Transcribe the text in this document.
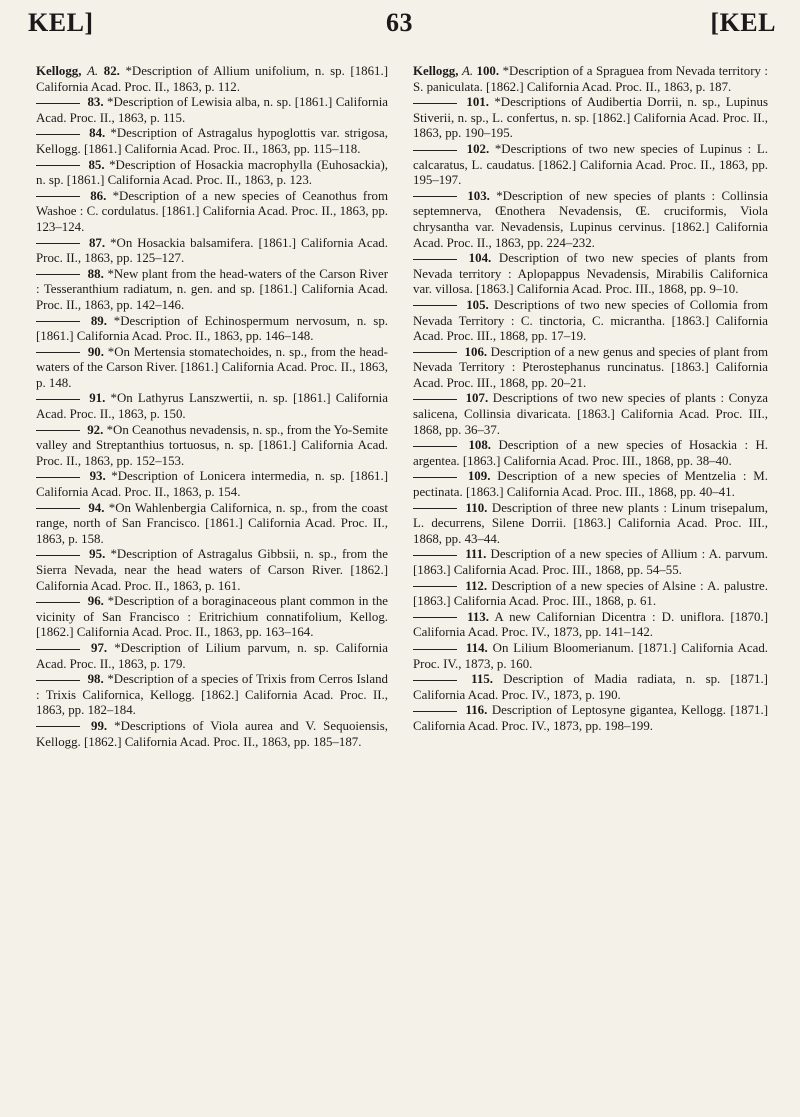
KEL]	63	[KEL

Kellogg, A. 82. *Description of Allium unifolium, n. sp. [1861.] California Acad. Proc. II., 1863, p. 112.

83. *Description of Lewisia alba, n. sp. [1861.] California Acad. Proc. II., 1863, p. 115.

84. *Description of Astragalus hypoglottis var. strigosa, Kellogg. [1861.] California Acad. Proc. II., 1863, pp. 115–118.

85. *Description of Hosackia macrophylla (Euhosackia), n. sp. [1861.] California Acad. Proc. II., 1863, p. 123.

86. *Description of a new species of Ceanothus from Washoe : C. cordulatus. [1861.] California Acad. Proc. II., 1863, pp. 123–124.

87. *On Hosackia balsamifera. [1861.] California Acad. Proc. II., 1863, pp. 125–127.

88. *New plant from the head-waters of the Carson River : Tesseranthium radiatum, n. gen. and sp. [1861.] California Acad. Proc. II., 1863, pp. 142–146.

89. *Description of Echinospermum nervosum, n. sp. [1861.] California Acad. Proc. II., 1863, pp. 146–148.

90. *On Mertensia stomatechoides, n. sp., from the head-waters of the Carson River. [1861.] California Acad. Proc. II., 1863, p. 148.

91. *On Lathyrus Lanszwertii, n. sp. [1861.] California Acad. Proc. II., 1863, p. 150.

92. *On Ceanothus nevadensis, n. sp., from the Yo-Semite valley and Streptanthius tortuosus, n. sp. [1861.] California Acad. Proc. II., 1863, pp. 152–153.

93. *Description of Lonicera intermedia, n. sp. [1861.] California Acad. Proc. II., 1863, p. 154.

94. *On Wahlenbergia Californica, n. sp., from the coast range, north of San Francisco. [1861.] California Acad. Proc. II., 1863, p. 158.

95. *Description of Astragalus Gibbsii, n. sp., from the Sierra Nevada, near the head waters of Carson River. [1862.] California Acad. Proc. II., 1863, p. 161.

96. *Description of a boraginaceous plant common in the vicinity of San Francisco : Eritrichium connatifolium, Kellog. [1862.] California Acad. Proc. II., 1863, pp. 163–164.

97. *Description of Lilium parvum, n. sp. California Acad. Proc. II., 1863, p. 179.

98. *Description of a species of Trixis from Cerros Island : Trixis Californica, Kellogg. [1862.] California Acad. Proc. II., 1863, pp. 182–184.

99. *Descriptions of Viola aurea and V. Sequoiensis, Kellogg. [1862.] California Acad. Proc. II., 1863, pp. 185–187.

Kellogg, A. 100. *Description of a Spraguea from Nevada territory : S. paniculata. [1862.] California Acad. Proc. II., 1863, p. 187.

101. *Descriptions of Audibertia Dorrii, n. sp., Lupinus Stiverii, n. sp., L. confertus, n. sp. [1862.] California Acad. Proc. II., 1863, pp. 190–195.

102. *Descriptions of two new species of Lupinus : L. calcaratus, L. caudatus. [1862.] California Acad. Proc. II., 1863, pp. 195–197.

103. *Description of new species of plants : Collinsia septemnerva, Œnothera Nevadensis, Œ. cruciformis, Viola chrysantha var. Nevadensis, Lupinus cervinus. [1862.] California Acad. Proc. II., 1863, pp. 224–232.

104. Description of two new species of plants from Nevada territory : Aplopappus Nevadensis, Mirabilis Californica var. villosa. [1863.] California Acad. Proc. III., 1868, pp. 9–10.

105. Descriptions of two new species of Collomia from Nevada Territory : C. tinctoria, C. micrantha. [1863.] California Acad. Proc. III., 1868, pp. 17–19.

106. Description of a new genus and species of plant from Nevada Territory : Pterostephanus runcinatus. [1863.] California Acad. Proc. III., 1868, pp. 20–21.

107. Descriptions of two new species of plants : Conyza salicena, Collinsia divaricata. [1863.] California Acad. Proc. III., 1868, pp. 36–37.

108. Description of a new species of Hosackia : H. argentea. [1863.] California Acad. Proc. III., 1868, pp. 38–40.

109. Description of a new species of Mentzelia : M. pectinata. [1863.] California Acad. Proc. III., 1868, pp. 40–41.

110. Description of three new plants : Linum trisepalum, L. decurrens, Silene Dorrii. [1863.] California Acad. Proc. III., 1868, pp. 43–44.

111. Description of a new species of Allium : A. parvum. [1863.] California Acad. Proc. III., 1868, pp. 54–55.

112. Description of a new species of Alsine : A. palustre. [1863.] California Acad. Proc. III., 1868, p. 61.

113. A new Californian Dicentra : D. uniflora. [1870.] California Acad. Proc. IV., 1873, pp. 141–142.

114. On Lilium Bloomerianum. [1871.] California Acad. Proc. IV., 1873, p. 160.

115. Description of Madia radiata, n. sp. [1871.] California Acad. Proc. IV., 1873, p. 190.

116. Description of Leptosyne gigantea, Kellogg. [1871.] California Acad. Proc. IV., 1873, pp. 198–199.
